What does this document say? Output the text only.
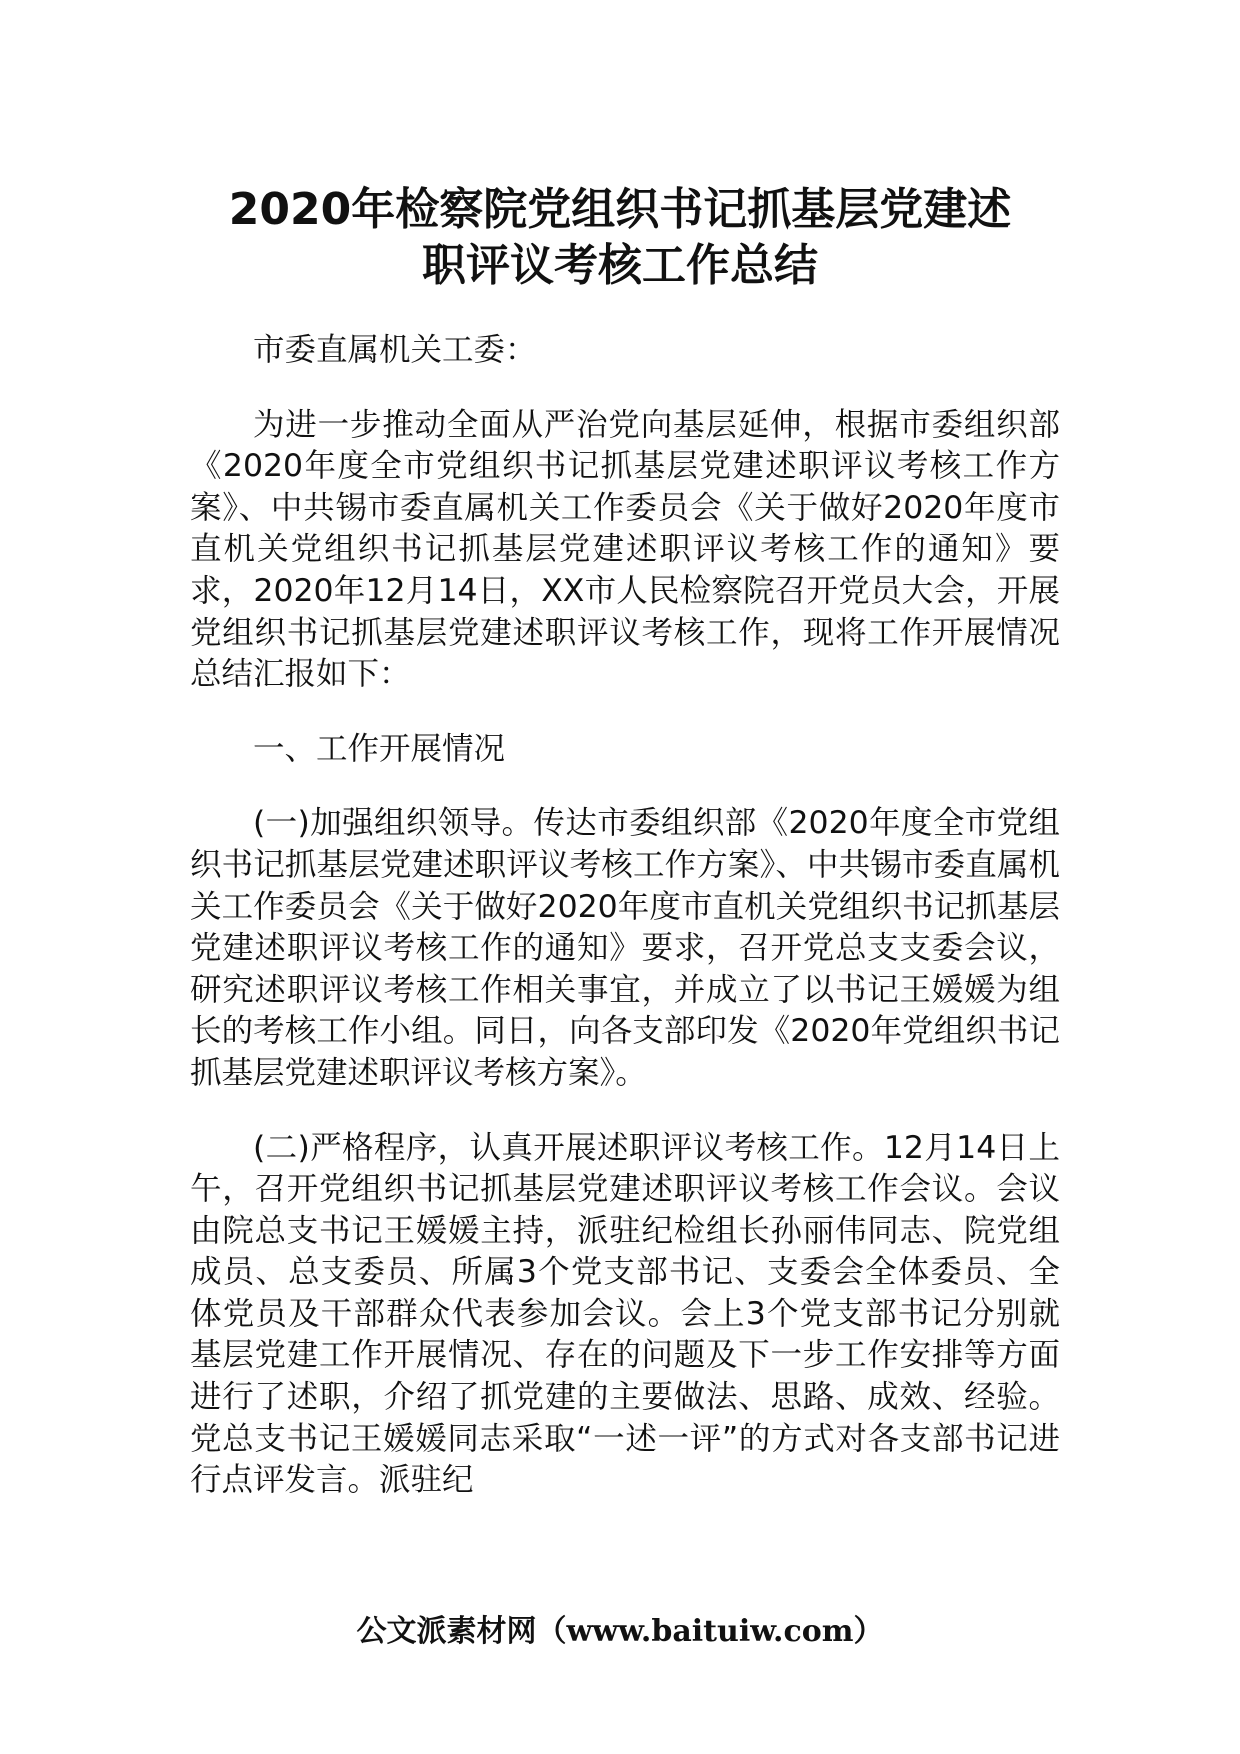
2020年检察院党组织书记抓基层党建述
职评议考核工作总结

市委直属机关工委：

为进一步推动全面从严治党向基层延伸，根据市委组织部《2020年度全市党组织书记抓基层党建述职评议考核工作方案》、中共锡市委直属机关工作委员会《关于做好2020年度市直机关党组织书记抓基层党建述职评议考核工作的通知》要求，2020年12月14日，XX市人民检察院召开党员大会，开展党组织书记抓基层党建述职评议考核工作，现将工作开展情况总结汇报如下：

一、工作开展情况

(一)加强组织领导。传达市委组织部《2020年度全市党组织书记抓基层党建述职评议考核工作方案》、中共锡市委直属机关工作委员会《关于做好2020年度市直机关党组织书记抓基层党建述职评议考核工作的通知》要求，召开党总支支委会议，研究述职评议考核工作相关事宜，并成立了以书记王媛媛为组长的考核工作小组。同日，向各支部印发《2020年党组织书记抓基层党建述职评议考核方案》。

(二)严格程序，认真开展述职评议考核工作。12月14日上午，召开党组织书记抓基层党建述职评议考核工作会议。会议由院总支书记王媛媛主持，派驻纪检组长孙丽伟同志、院党组成员、总支委员、所属3个党支部书记、支委会全体委员、全体党员及干部群众代表参加会议。会上3个党支部书记分别就基层党建工作开展情况、存在的问题及下一步工作安排等方面进行了述职，介绍了抓党建的主要做法、思路、成效、经验。党总支书记王媛媛同志采取“一述一评”的方式对各支部书记进行点评发言。派驻纪

公文派素材网（www.baituiw.com）
